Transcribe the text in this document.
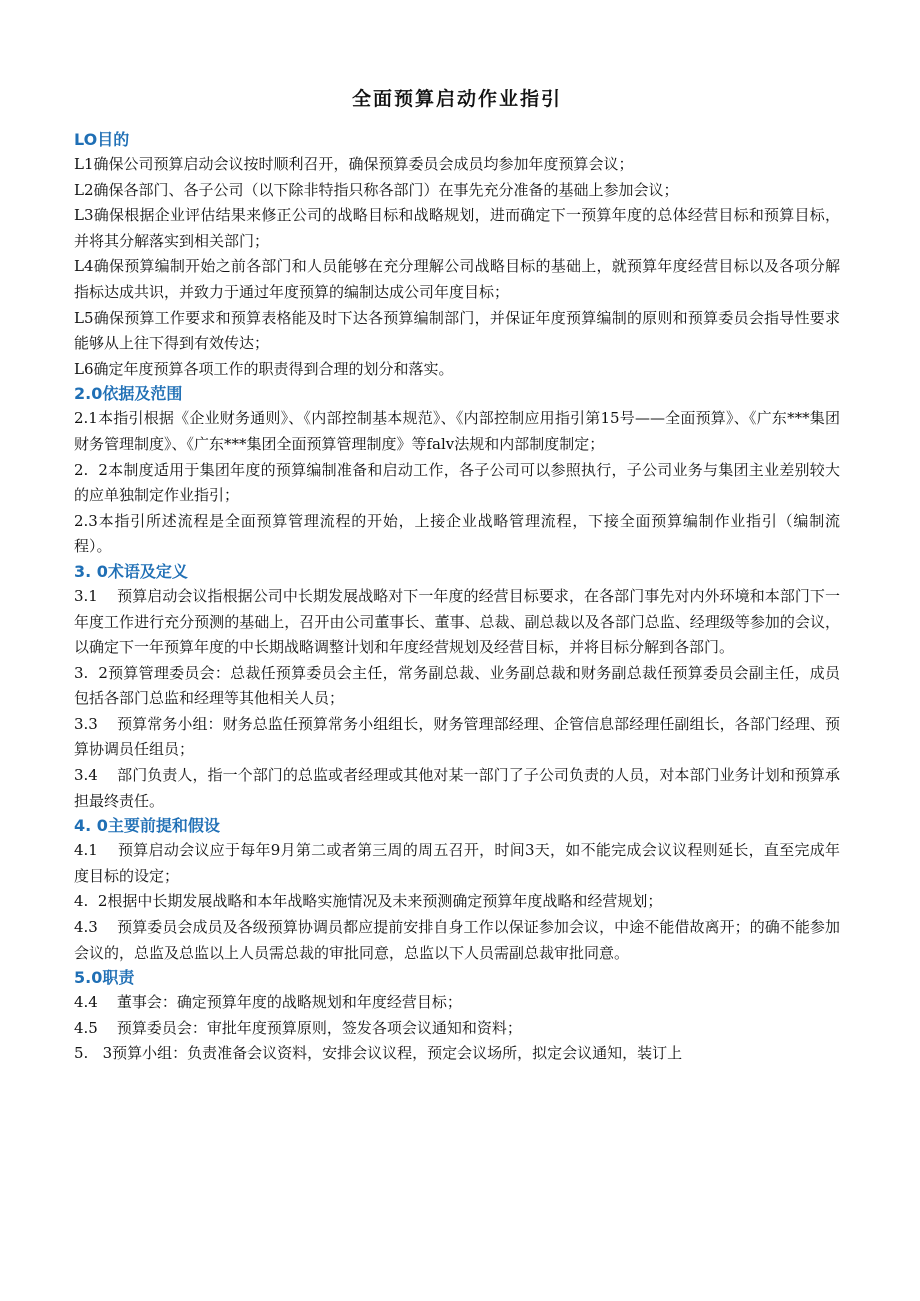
全面预算启动作业指引
LO目的

L1确保公司预算启动会议按时顺利召开，确保预算委员会成员均参加年度预算会议；

L2确保各部门、各子公司（以下除非特指只称各部门）在事先充分准备的基础上参加会议；

L3确保根据企业评估结果来修正公司的战略目标和战略规划，进而确定下一预算年度的总体经营目标和预算目标，并将其分解落实到相关部门；

L4确保预算编制开始之前各部门和人员能够在充分理解公司战略目标的基础上，就预算年度经营目标以及各项分解指标达成共识，并致力于通过年度预算的编制达成公司年度目标；

L5确保预算工作要求和预算表格能及时下达各预算编制部门，并保证年度预算编制的原则和预算委员会指导性要求能够从上往下得到有效传达；

L6确定年度预算各项工作的职责得到合理的划分和落实。

2.0依据及范围

2.1本指引根据《企业财务通则》、《内部控制基本规范》、《内部控制应用指引第15号——全面预算》、《广东***集团财务管理制度》、《广东***集团全面预算管理制度》等falv法规和内部制度制定；

2.  2本制度适用于集团年度的预算编制准备和启动工作，各子公司可以参照执行，子公司业务与集团主业差别较大的应单独制定作业指引；

2.3本指引所述流程是全面预算管理流程的开始，上接企业战略管理流程，下接全面预算编制作业指引（编制流程）。

3. 0术语及定义

3.1    预算启动会议指根据公司中长期发展战略对下一年度的经营目标要求，在各部门事先对内外环境和本部门下一年度工作进行充分预测的基础上，召开由公司董事长、董事、总裁、副总裁以及各部门总监、经理级等参加的会议，以确定下一年预算年度的中长期战略调整计划和年度经营规划及经营目标，并将目标分解到各部门。

3.  2预算管理委员会：总裁任预算委员会主任，常务副总裁、业务副总裁和财务副总裁任预算委员会副主任，成员包括各部门总监和经理等其他相关人员；

3.3    预算常务小组：财务总监任预算常务小组组长，财务管理部经理、企管信息部经理任副组长，各部门经理、预算协调员任组员；

3.4    部门负责人，指一个部门的总监或者经理或其他对某一部门了子公司负责的人员，对本部门业务计划和预算承担最终责任。

4. 0主要前提和假设

4.1    预算启动会议应于每年9月第二或者第三周的周五召开，时间3天，如不能完成会议议程则延长，直至完成年度目标的设定；

4.  2根据中长期发展战略和本年战略实施情况及未来预测确定预算年度战略和经营规划；

4.3    预算委员会成员及各级预算协调员都应提前安排自身工作以保证参加会议，中途不能借故离开；的确不能参加会议的，总监及总监以上人员需总裁的审批同意，总监以下人员需副总裁审批同意。

5.0职责

4.4    董事会：确定预算年度的战略规划和年度经营目标；

4.5    预算委员会：审批年度预算原则，签发各项会议通知和资料；

5.   3预算小组：负责准备会议资料，安排会议议程，预定会议场所，拟定会议通知，装订上
